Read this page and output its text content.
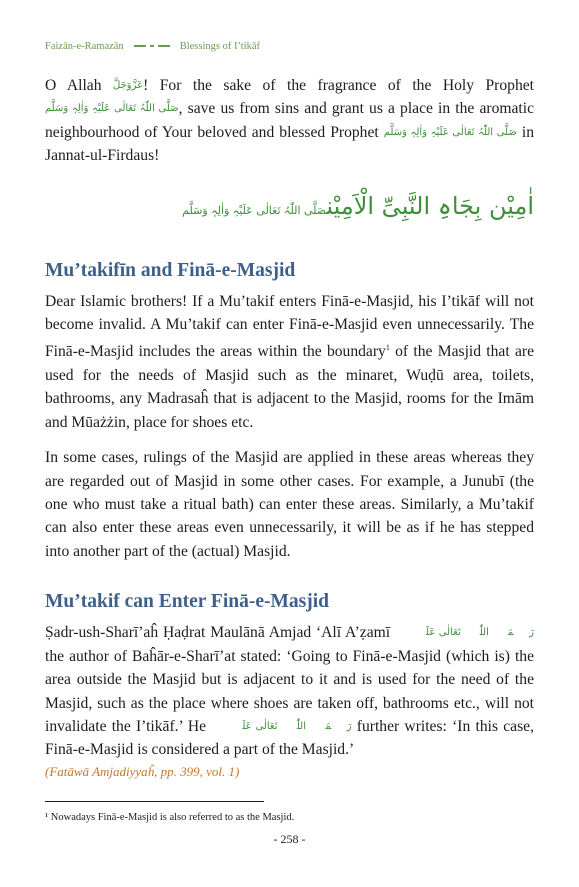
Faizān-e-Ramazān	Blessings of I’tikāf

O Allah عَزَّوَجَلَّ! For the sake of the fragrance of the Holy Prophet صَلَّی اللّٰہُ تَعَالٰی عَلَیْہِ وَاٰلِہٖ وَسَلَّم, save us from sins and grant us a place in the aromatic neighbourhood of Your beloved and blessed Prophet صَلَّی اللّٰہُ تَعَالٰی عَلَیْہِ وَاٰلِہٖ وَسَلَّم in Jannat-ul-Firdaus!

اٰمِیْن بِجَاہِ النَّبِیِّ الْاَمِیْنصَلَّی اللّٰہُ تَعَالٰی عَلَیْہِ وَاٰلِہٖ وَسَلَّم
Mu’takifīn and Finā-e-Masjid

Dear Islamic brothers! If a Mu’takif enters Finā-e-Masjid, his I’tikāf will not become invalid. A Mu’takif can enter Finā-e-Masjid even unnecessarily. The Finā-e-Masjid includes the areas within the boundary$^1$ of the Masjid that are used for the needs of Masjid such as the minaret, Wuḍū area, toilets, bathrooms, any Madrasaĥ that is adjacent to the Masjid, rooms for the Imām and Mūażżin, place for shoes etc.

In some cases, rulings of the Masjid are applied in these areas whereas they are regarded out of Masjid in some other cases. For example, a Junubī (the one who must take a ritual bath) can enter these areas. Similarly, a Mu’takif can also enter these areas even unnecessarily, it will be as if he has stepped into another part of the (actual) Masjid.

Mu’takif can Enter Finā-e-Masjid

Ṣadr-ush-Sharī’aĥ Ḥaḍrat Maulānā Amjad ‘Alī A’ẓamī رَحۡمَۃُ اللّٰہِ تَعَالٰی عَلَیۡہِ the author of Baĥār-e-Sharī’at stated: ‘Going to Finā-e-Masjid (which is) the area outside the Masjid but is adjacent to it and is used for the need of the Masjid, such as the place where shoes are taken off, bathrooms etc., will not invalidate the I’tikāf.’ He رَحۡمَۃُ اللّٰہِ تَعَالٰی عَلَیۡہِ further writes: ‘In this case, Finā-e-Masjid is considered a part of the Masjid.’

(Fatāwā Amjadiyyaĥ, pp. 399, vol. 1)
¹ Nowadays Finā-e-Masjid is also referred to as the Masjid.
- 258 -
